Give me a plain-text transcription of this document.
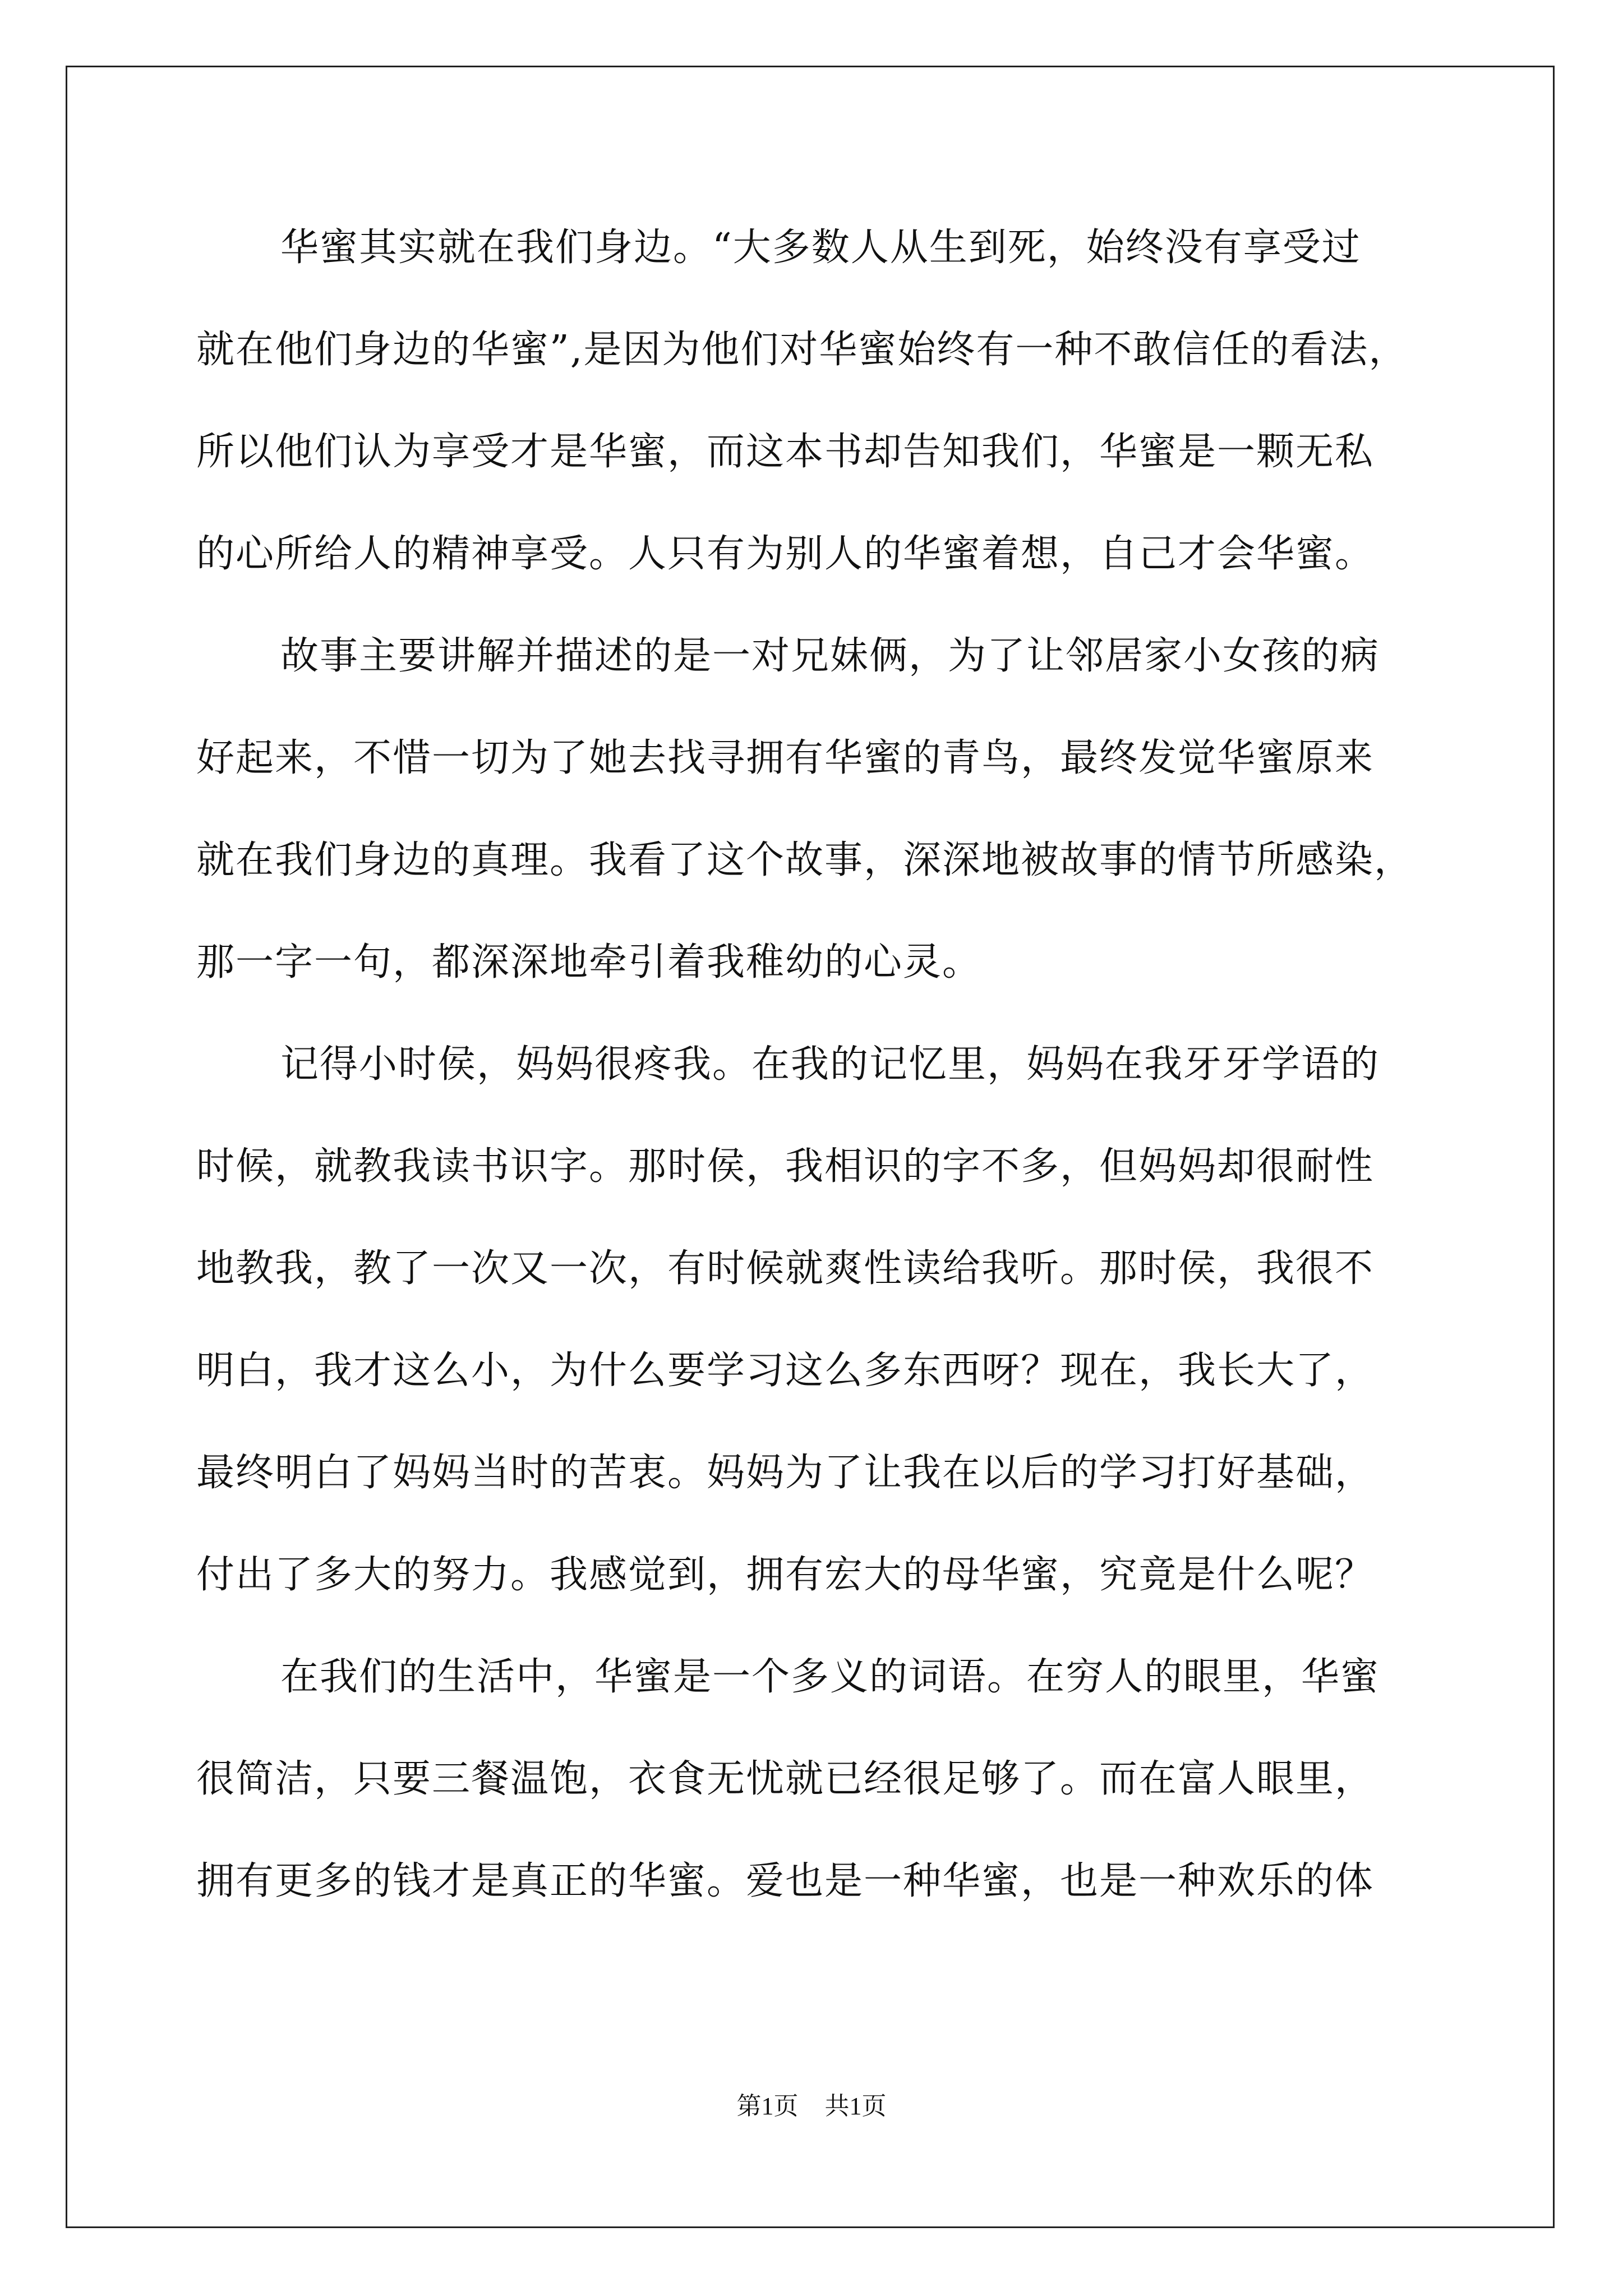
华蜜其实就在我们身边。“大多数人从生到死，始终没有享受过
就在他们身边的华蜜”,是因为他们对华蜜始终有一种不敢信任的看法，
所以他们认为享受才是华蜜，而这本书却告知我们，华蜜是一颗无私
的心所给人的精神享受。人只有为别人的华蜜着想，自己才会华蜜。
故事主要讲解并描述的是一对兄妹俩，为了让邻居家小女孩的病
好起来，不惜一切为了她去找寻拥有华蜜的青鸟，最终发觉华蜜原来
就在我们身边的真理。我看了这个故事，深深地被故事的情节所感染，
那一字一句，都深深地牵引着我稚幼的心灵。
记得小时侯，妈妈很疼我。在我的记忆里，妈妈在我牙牙学语的
时候，就教我读书识字。那时侯，我相识的字不多，但妈妈却很耐性
地教我，教了一次又一次，有时候就爽性读给我听。那时侯，我很不
明白，我才这么小，为什么要学习这么多东西呀？现在，我长大了，
最终明白了妈妈当时的苦衷。妈妈为了让我在以后的学习打好基础，
付出了多大的努力。我感觉到，拥有宏大的母华蜜，究竟是什么呢？
在我们的生活中，华蜜是一个多义的词语。在穷人的眼里，华蜜
很简洁，只要三餐温饱，衣食无忧就已经很足够了。而在富人眼里，
拥有更多的钱才是真正的华蜜。爱也是一种华蜜，也是一种欢乐的体
第1页 共1页
